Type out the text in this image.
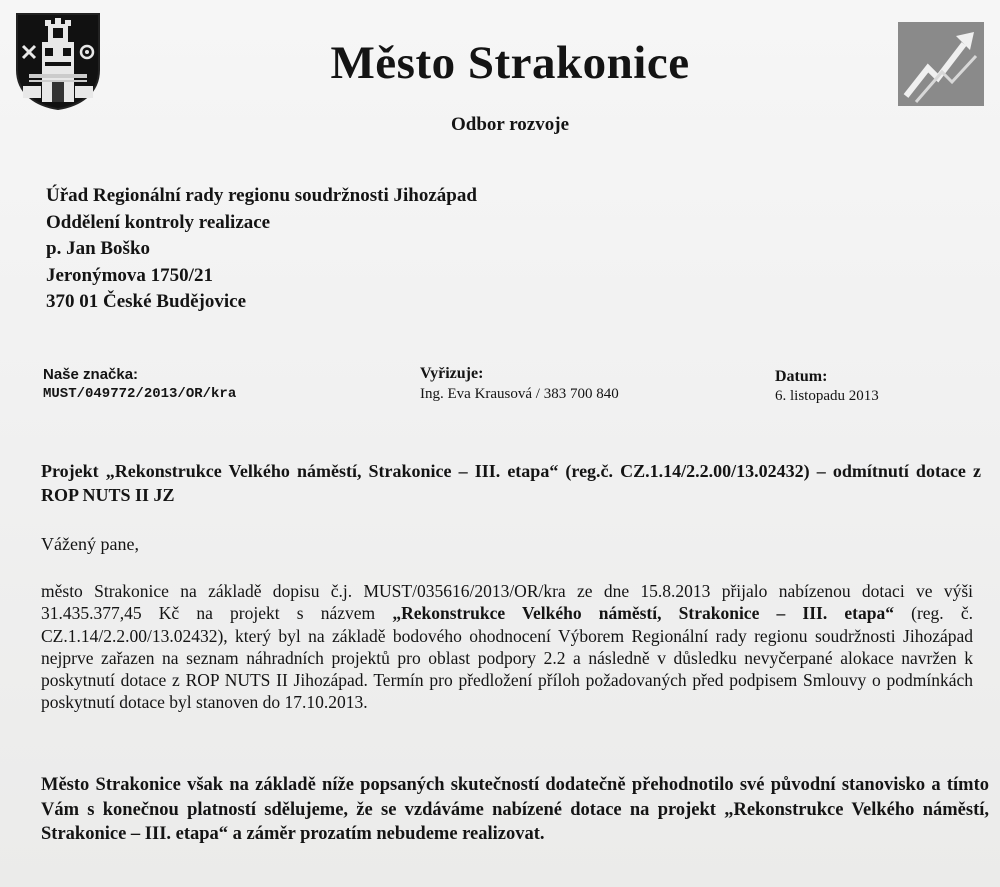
Město Strakonice
Odbor rozvoje
Úřad Regionální rady regionu soudržnosti Jihozápad
Oddělení kontroly realizace
p. Jan Boško
Jeronýmova 1750/21
370 01 České Budějovice
Naše značka:
MUST/049772/2013/OR/kra
Vyřizuje:
Ing. Eva Krausová / 383 700 840
Datum:
6. listopadu 2013
Projekt „Rekonstrukce Velkého náměstí, Strakonice – III. etapa“ (reg.č. CZ.1.14/2.2.00/13.02432) – odmítnutí dotace z ROP NUTS II JZ
Vážený pane,
město Strakonice na základě dopisu č.j. MUST/035616/2013/OR/kra ze dne 15.8.2013 přijalo nabízenou dotaci ve výši 31.435.377,45 Kč na projekt s názvem „Rekonstrukce Velkého náměstí, Strakonice – III. etapa“ (reg. č. CZ.1.14/2.2.00/13.02432), který byl na základě bodového ohodnocení Výborem Regionální rady regionu soudržnosti Jihozápad nejprve zařazen na seznam náhradních projektů pro oblast podpory 2.2 a následně v důsledku nevyčerpané alokace navržen k poskytnutí dotace z ROP NUTS II Jihozápad. Termín pro předložení příloh požadovaných před podpisem Smlouvy o podmínkách poskytnutí dotace byl stanoven do 17.10.2013.
Město Strakonice však na základě níže popsaných skutečností dodatečně přehodnotilo své původní stanovisko a tímto Vám s konečnou platností sdělujeme, že se vzdáváme nabízené dotace na projekt „Rekonstrukce Velkého náměstí, Strakonice – III. etapa“ a záměr prozatím nebudeme realizovat.
